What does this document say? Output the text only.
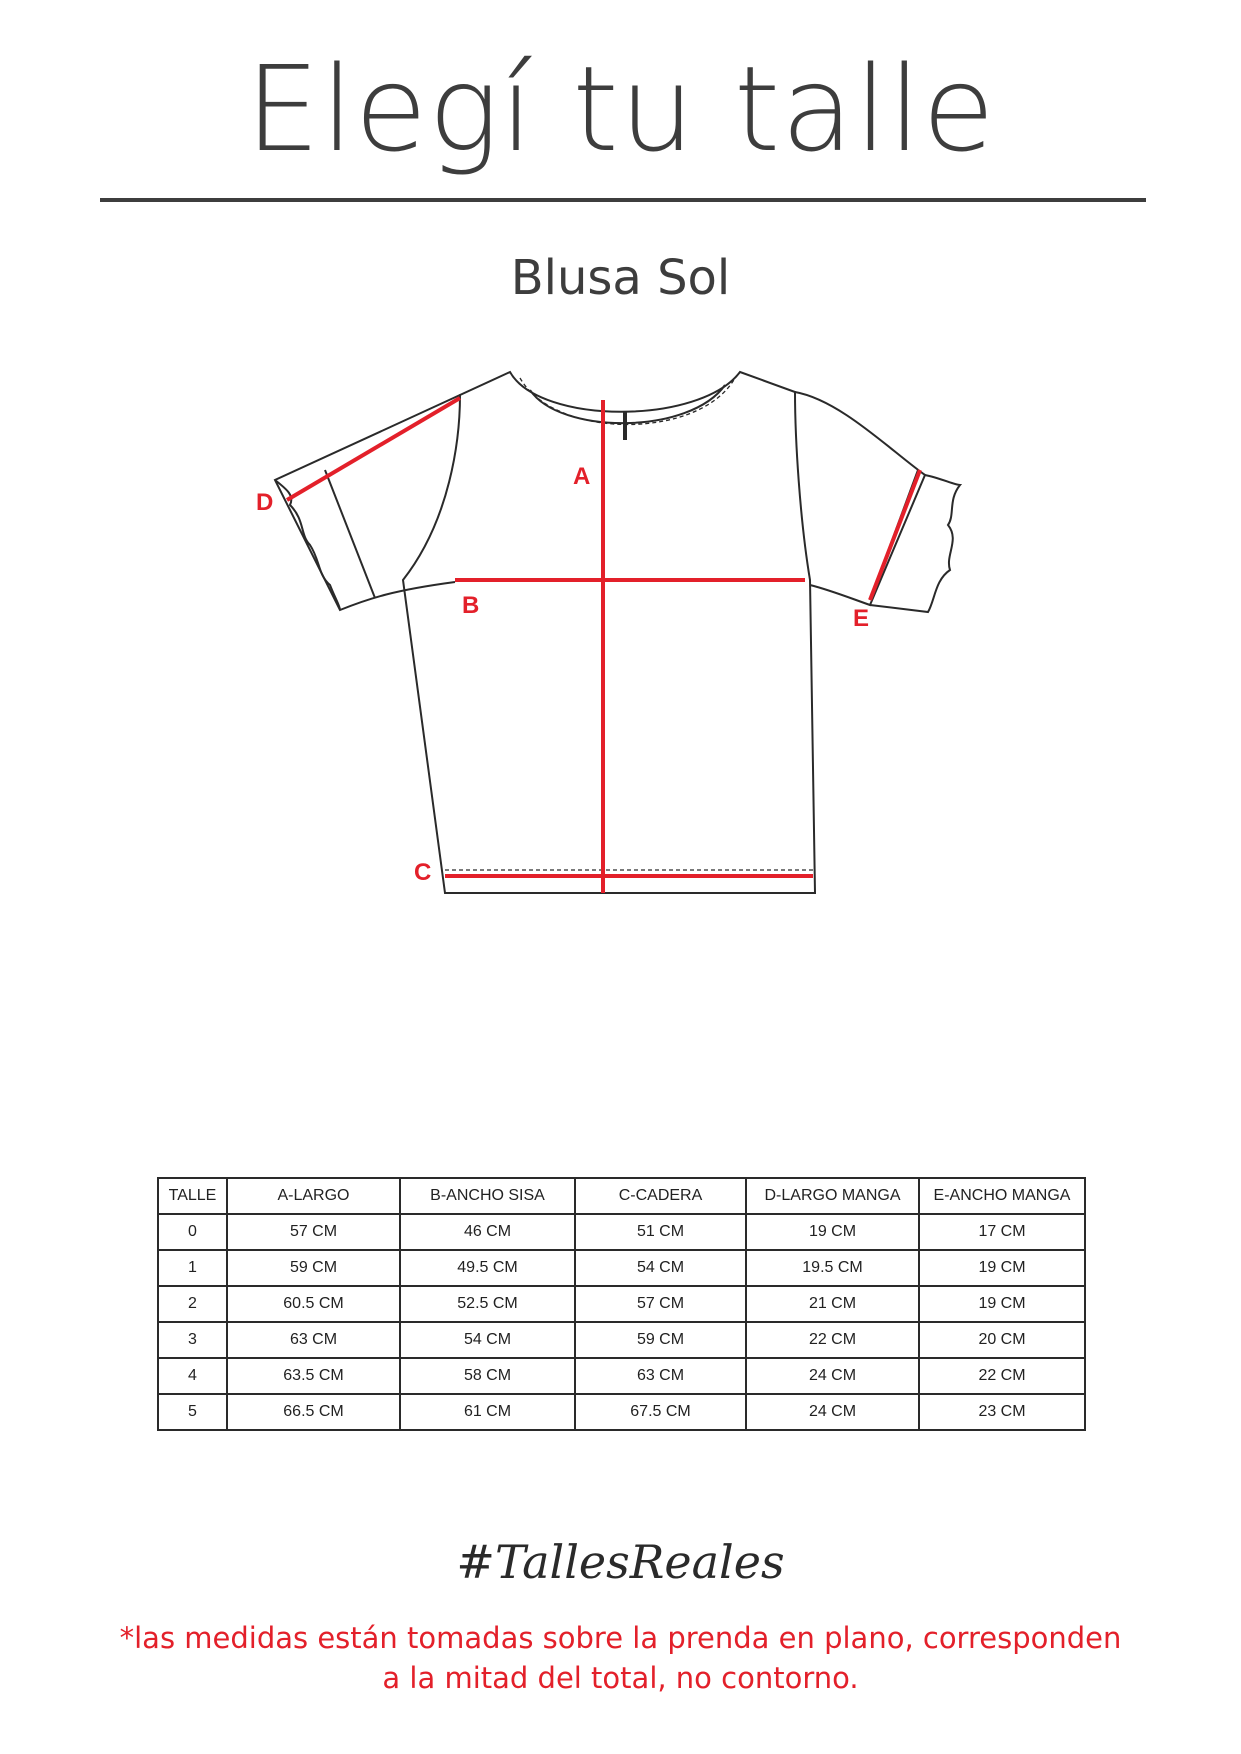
Elegí tu talle
Blusa Sol
A
B
C
D
E
TALLE	A-LARGO	B-ANCHO SISA	C-CADERA	D-LARGO MANGA	E-ANCHO MANGA
0	57 CM	46 CM	51 CM	19 CM	17 CM
1	59 CM	49.5 CM	54 CM	19.5 CM	19 CM
2	60.5 CM	52.5 CM	57 CM	21 CM	19 CM
3	63 CM	54 CM	59 CM	22 CM	20 CM
4	63.5 CM	58 CM	63 CM	24 CM	22 CM
5	66.5 CM	61 CM	67.5 CM	24 CM	23 CM
#TallesReales
*las medidas están tomadas sobre la prenda en plano, corresponden
a la mitad del total, no contorno.
